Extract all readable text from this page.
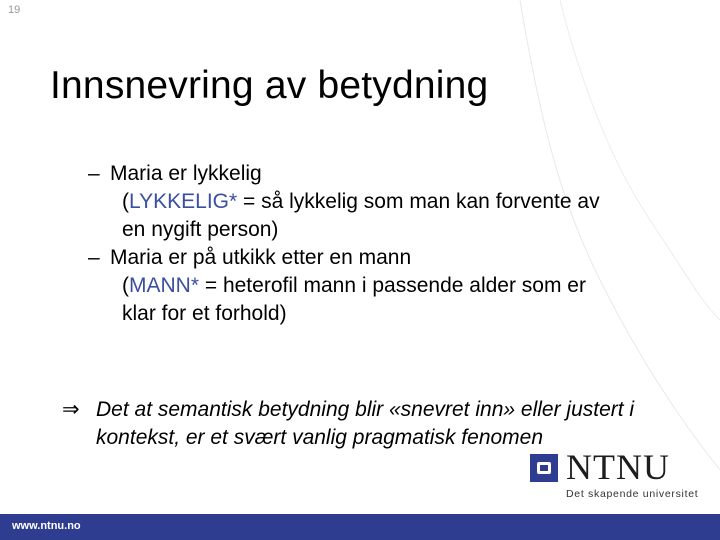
19
Innsnevring av betydning
– Maria er lykkelig
(LYKKELIG* = så lykkelig som man kan forvente av
en nygift person)
– Maria er på utkikk etter en mann
(MANN* = heterofil mann i passende alder som er
klar for et forhold)
⇒ Det at semantisk betydning blir «snevret inn» eller justert i kontekst, er et svært vanlig pragmatisk fenomen
NTNU
Det skapende universitet
www.ntnu.no
